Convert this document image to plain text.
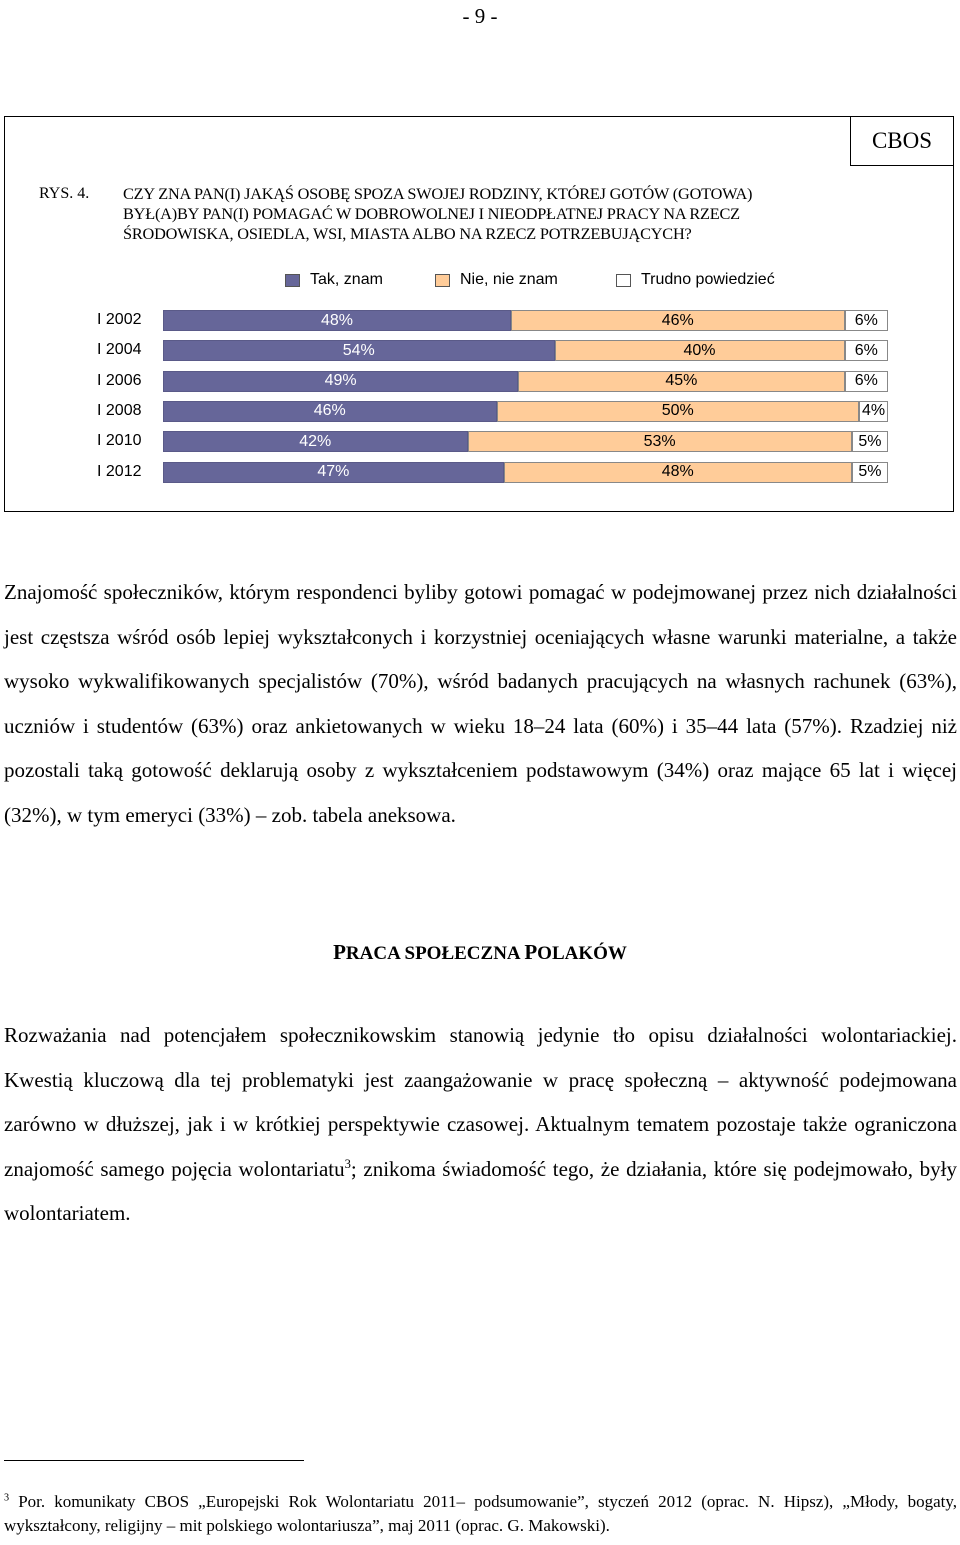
- 9 -
CBOS
RYS. 4. CZY ZNA PAN(I) JAKĄŚ OSOBĘ SPOZA SWOJEJ RODZINY, KTÓREJ GOTÓW (GOTOWA) BYŁ(A)BY PAN(I) POMAGAĆ W DOBROWOLNEJ I NIEODPŁATNEJ PRACY NA RZECZ ŚRODOWISKA, OSIEDLA, WSI, MIASTA ALBO NA RZECZ POTRZEBUJĄCYCH?
Tak, znam	Nie, nie znam	Trudno powiedzieć
I 2002	48%	46%	6%
I 2004	54%	40%	6%
I 2006	49%	45%	6%
I 2008	46%	50%	4%
I 2010	42%	53%	5%
I 2012	47%	48%	5%
Znajomość społeczników, którym respondenci byliby gotowi pomagać w podejmowanej przez nich działalności jest częstsza wśród osób lepiej wykształconych i korzystniej oceniających własne warunki materialne, a także wysoko wykwalifikowanych specjalistów (70%), wśród badanych pracujących na własnych rachunek (63%), uczniów i studentów (63%) oraz ankietowanych w wieku 18–24 lata (60%) i 35–44 lata (57%). Rzadziej niż pozostali taką gotowość deklarują osoby z wykształceniem podstawowym (34%) oraz mające 65 lat i więcej (32%), w tym emeryci (33%) – zob. tabela aneksowa.
PRACA SPOŁECZNA POLAKÓW
Rozważania nad potencjałem społecznikowskim stanowią jedynie tło opisu działalności wolontariackiej. Kwestią kluczową dla tej problematyki jest zaangażowanie w pracę społeczną – aktywność podejmowana zarówno w dłuższej, jak i w krótkiej perspektywie czasowej. Aktualnym tematem pozostaje także ograniczona znajomość samego pojęcia wolontariatu$^3$; znikoma świadomość tego, że działania, które się podejmowało, były wolontariatem.
$^3$ Por. komunikaty CBOS „Europejski Rok Wolontariatu 2011– podsumowanie”, styczeń 2012 (oprac. N. Hipsz), „Młody, bogaty, wykształcony, religijny – mit polskiego wolontariusza”, maj 2011 (oprac. G. Makowski).
